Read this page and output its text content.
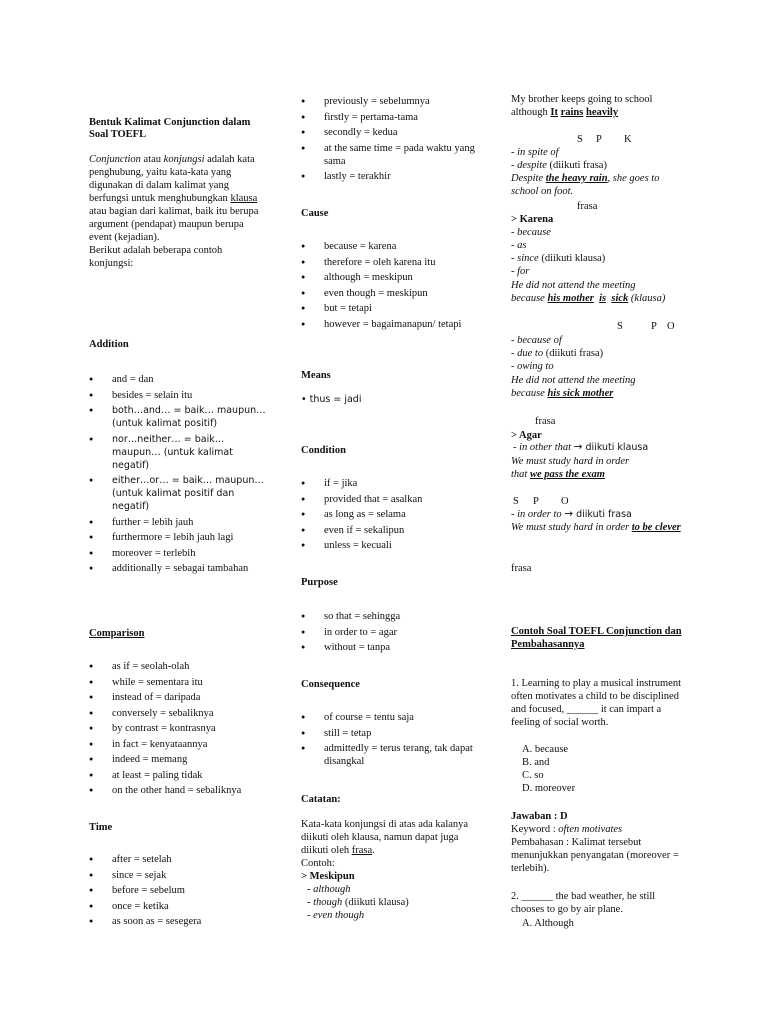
Bentuk Kalimat Conjunction dalam Soal TOEFL

Conjunction atau konjungsi adalah kata penghubung, yaitu kata-kata yang digunakan di dalam kalimat yang berfungsi untuk menghubungkan klausa atau bagian dari kalimat, baik itu berupa argument (pendapat) maupun berupa event (kejadian).

Berikut adalah beberapa contoh konjungsi:

Addition
● and = dan
● besides = selain itu
● both…and… = baik… maupun… (untuk kalimat positif)
● nor…neither… = baik… maupun… (untuk kalimat negatif)
● either…or… = baik… maupun… (untuk kalimat positif dan negatif)
● further = lebih jauh
● furthermore = lebih jauh lagi
● moreover = terlebih
● additionally = sebagai tambahan
Comparison
● as if = seolah-olah
● while = sementara itu
● instead of = daripada
● conversely = sebaliknya
● by contrast = kontrasnya
● in fact = kenyataannya
● indeed = memang
● at least = paling tidak
● on the other hand = sebaliknya
Time
● after = setelah
● since = sejak
● before = sebelum
● once = ketika
● as soon as = sesegera
● previously = sebelumnya
● firstly = pertama-tama
● secondly = kedua
● at the same time = pada waktu yang sama
● lastly = terakhir
Cause
● because = karena
● therefore = oleh karena itu
● although = meskipun
● even though = meskipun
● but = tetapi
● however = bagaimanapun/ tetapi
Means
• thus = jadi
Condition
● if = jika
● provided that = asalkan
● as long as = selama
● even if = sekalipun
● unless = kecuali
Purpose
● so that = sehingga
● in order to = agar
● without = tanpa
Consequence
● of course = tentu saja
● still = tetap
● admittedly = terus terang, tak dapat disangkal
Catatan:
Kata-kata konjungsi di atas ada kalanya diikuti oleh klausa, namun dapat juga diikuti oleh frasa.
Contoh:
> Meskipun
- although
- though (diikuti klausa)
- even though
My brother keeps going to school although It rains heavily
S P K
- in spite of
- despite (diikuti frasa)
Despite the heavy rain, she goes to school on foot.
frasa
> Karena
- because
- as
- since (diikuti klausa)
- for
He did not attend the meeting
because his mother is sick (klausa)
S	P O
- because of
- due to (diikuti frasa)
- owing to
He did not attend the meeting
because his sick mother
frasa
> Agar
- in other that → diikuti klausa
We must study hard in order
that we pass the exam
S P O
- in order to → diikuti frasa
We must study hard in order to be clever
frasa
Contoh Soal TOEFL Conjunction dan Pembahasannya
1. Learning to play a musical instrument often motivates a child to be disciplined and focused, ______ it can impart a feeling of social worth.
A. because
B. and
C. so
D. moreover
Jawaban : D
Keyword : often motivates
Pembahasan : Kalimat tersebut menunjukkan penyangatan (moreover = terlebih).
2. ______ the bad weather, he still chooses to go by air plane.
A. Although
